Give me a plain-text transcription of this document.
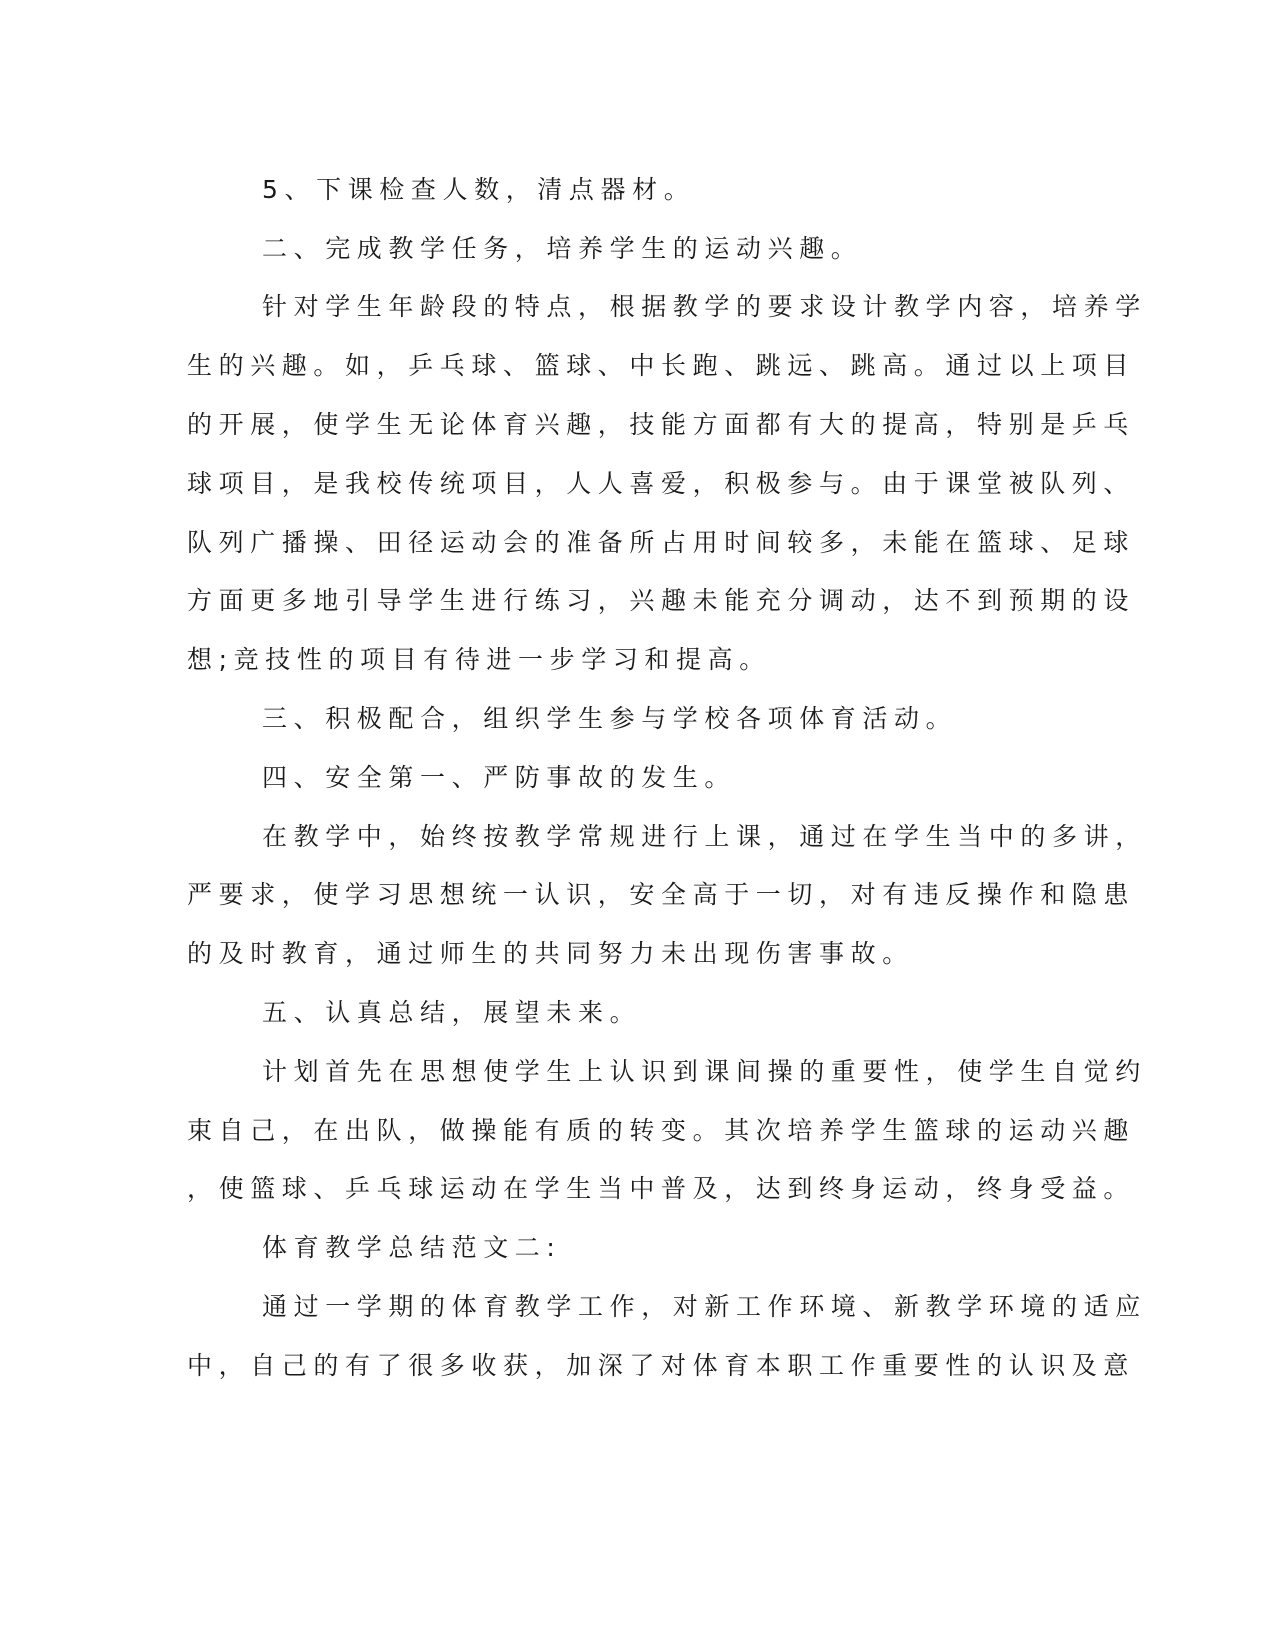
5、下课检查人数，清点器材。
二、完成教学任务，培养学生的运动兴趣。
针对学生年龄段的特点，根据教学的要求设计教学内容，培养学
生的兴趣。如，乒乓球、篮球、中长跑、跳远、跳高。通过以上项目
的开展，使学生无论体育兴趣，技能方面都有大的提高，特别是乒乓
球项目，是我校传统项目，人人喜爱，积极参与。由于课堂被队列、
队列广播操、田径运动会的准备所占用时间较多，未能在篮球、足球
方面更多地引导学生进行练习，兴趣未能充分调动，达不到预期的设
想;竞技性的项目有待进一步学习和提高。
三、积极配合，组织学生参与学校各项体育活动。
四、安全第一、严防事故的发生。
在教学中，始终按教学常规进行上课，通过在学生当中的多讲，
严要求，使学习思想统一认识，安全高于一切，对有违反操作和隐患
的及时教育，通过师生的共同努力未出现伤害事故。
五、认真总结，展望未来。
计划首先在思想使学生上认识到课间操的重要性，使学生自觉约
束自己，在出队，做操能有质的转变。其次培养学生篮球的运动兴趣
，使篮球、乒乓球运动在学生当中普及，达到终身运动，终身受益。
体育教学总结范文二:
通过一学期的体育教学工作，对新工作环境、新教学环境的适应
中，自己的有了很多收获，加深了对体育本职工作重要性的认识及意
